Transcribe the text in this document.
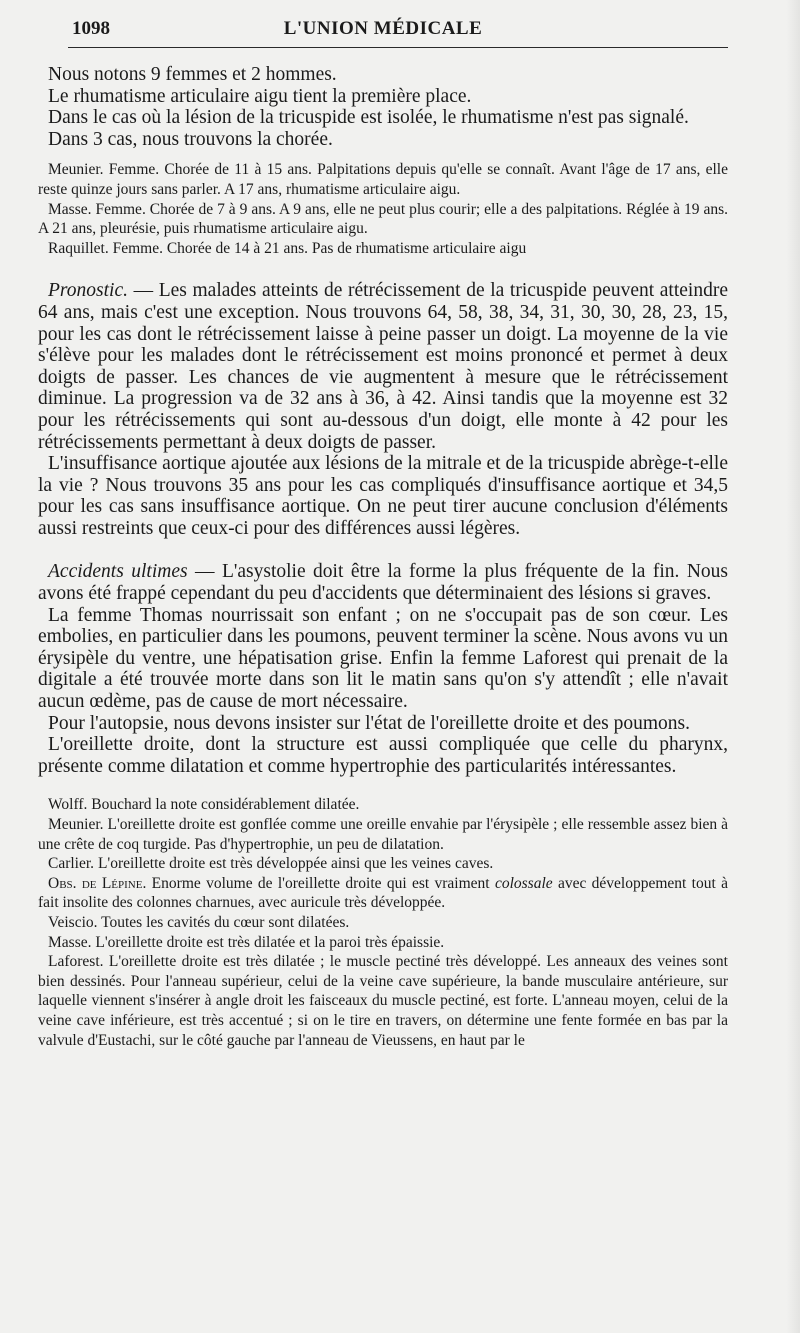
1098	L'UNION MÉDICALE

Nous notons 9 femmes et 2 hommes.

Le rhumatisme articulaire aigu tient la première place.

Dans le cas où la lésion de la tricuspide est isolée, le rhumatisme n'est pas signalé.

Dans 3 cas, nous trouvons la chorée.

Meunier. Femme. Chorée de 11 à 15 ans. Palpitations depuis qu'elle se connaît. Avant l'âge de 17 ans, elle reste quinze jours sans parler. A 17 ans, rhumatisme articulaire aigu.

Masse. Femme. Chorée de 7 à 9 ans. A 9 ans, elle ne peut plus courir; elle a des palpitations. Réglée à 19 ans. A 21 ans, pleurésie, puis rhumatisme articulaire aigu.

Raquillet. Femme. Chorée de 14 à 21 ans. Pas de rhumatisme articulaire aigu

Pronostic. — Les malades atteints de rétrécissement de la tricuspide peuvent atteindre 64 ans, mais c'est une exception. Nous trouvons 64, 58, 38, 34, 31, 30, 30, 28, 23, 15, pour les cas dont le rétrécissement laisse à peine passer un doigt. La moyenne de la vie s'élève pour les malades dont le rétrécissement est moins prononcé et permet à deux doigts de passer. Les chances de vie augmentent à mesure que le rétrécissement diminue. La progression va de 32 ans à 36, à 42. Ainsi tandis que la moyenne est 32 pour les rétrécissements qui sont au-dessous d'un doigt, elle monte à 42 pour les rétrécissements permettant à deux doigts de passer.

L'insuffisance aortique ajoutée aux lésions de la mitrale et de la tricuspide abrège-t-elle la vie ? Nous trouvons 35 ans pour les cas compliqués d'insuffisance aortique et 34,5 pour les cas sans insuffisance aortique. On ne peut tirer aucune conclusion d'éléments aussi restreints que ceux-ci pour des différences aussi légères.

Accidents ultimes — L'asystolie doit être la forme la plus fréquente de la fin. Nous avons été frappé cependant du peu d'accidents que déterminaient des lésions si graves.

La femme Thomas nourrissait son enfant ; on ne s'occupait pas de son cœur. Les embolies, en particulier dans les poumons, peuvent terminer la scène. Nous avons vu un érysipèle du ventre, une hépatisation grise. Enfin la femme Laforest qui prenait de la digitale a été trouvée morte dans son lit le matin sans qu'on s'y attendît ; elle n'avait aucun œdème, pas de cause de mort nécessaire.

Pour l'autopsie, nous devons insister sur l'état de l'oreillette droite et des poumons.

L'oreillette droite, dont la structure est aussi compliquée que celle du pharynx, présente comme dilatation et comme hypertrophie des particularités intéressantes.

Wolff. Bouchard la note considérablement dilatée.

Meunier. L'oreillette droite est gonflée comme une oreille envahie par l'érysipèle ; elle ressemble assez bien à une crête de coq turgide. Pas d'hypertrophie, un peu de dilatation.

Carlier. L'oreillette droite est très développée ainsi que les veines caves.

Obs. de Lépine. Enorme volume de l'oreillette droite qui est vraiment colossale avec développement tout à fait insolite des colonnes charnues, avec auricule très développée.

Veiscio. Toutes les cavités du cœur sont dilatées.

Masse. L'oreillette droite est très dilatée et la paroi très épaissie.

Laforest. L'oreillette droite est très dilatée ; le muscle pectiné très développé. Les anneaux des veines sont bien dessinés. Pour l'anneau supérieur, celui de la veine cave supérieure, la bande musculaire antérieure, sur laquelle viennent s'insérer à angle droit les faisceaux du muscle pectiné, est forte. L'anneau moyen, celui de la veine cave inférieure, est très accentué ; si on le tire en travers, on détermine une fente formée en bas par la valvule d'Eustachi, sur le côté gauche par l'anneau de Vieussens, en haut par le
